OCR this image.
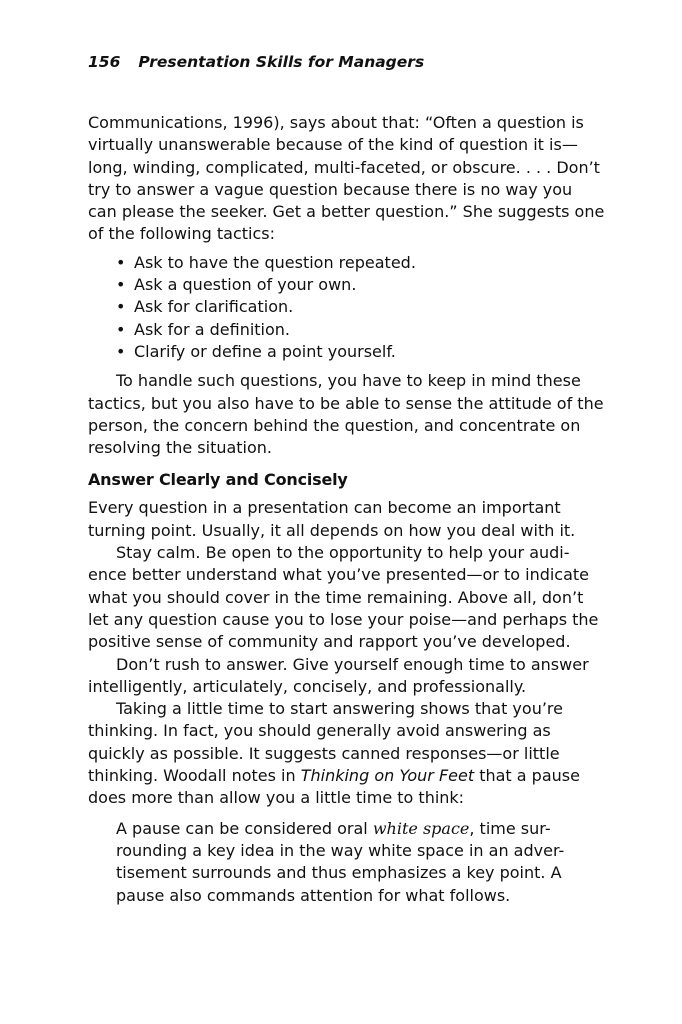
156 Presentation Skills for Managers

Communications, 1996), says about that: “Often a question is
virtually unanswerable because of the kind of question it is—
long, winding, complicated, multi-faceted, or obscure. . . . Don’t
try to answer a vague question because there is no way you
can please the seeker. Get a better question.” She suggests one
of the following tactics:

• Ask to have the question repeated.
• Ask a question of your own.
• Ask for clarification.
• Ask for a definition.
• Clarify or define a point yourself.

To handle such questions, you have to keep in mind these
tactics, but you also have to be able to sense the attitude of the
person, the concern behind the question, and concentrate on
resolving the situation.

Answer Clearly and Concisely

Every question in a presentation can become an important
turning point. Usually, it all depends on how you deal with it.

Stay calm. Be open to the opportunity to help your audi-
ence better understand what you’ve presented—or to indicate
what you should cover in the time remaining. Above all, don’t
let any question cause you to lose your poise—and perhaps the
positive sense of community and rapport you’ve developed.

Don’t rush to answer. Give yourself enough time to answer
intelligently, articulately, concisely, and professionally.

Taking a little time to start answering shows that you’re
thinking. In fact, you should generally avoid answering as
quickly as possible. It suggests canned responses—or little
thinking. Woodall notes in Thinking on Your Feet that a pause
does more than allow you a little time to think:

A pause can be considered oral white space, time sur-
rounding a key idea in the way white space in an adver-
tisement surrounds and thus emphasizes a key point. A
pause also commands attention for what follows.
